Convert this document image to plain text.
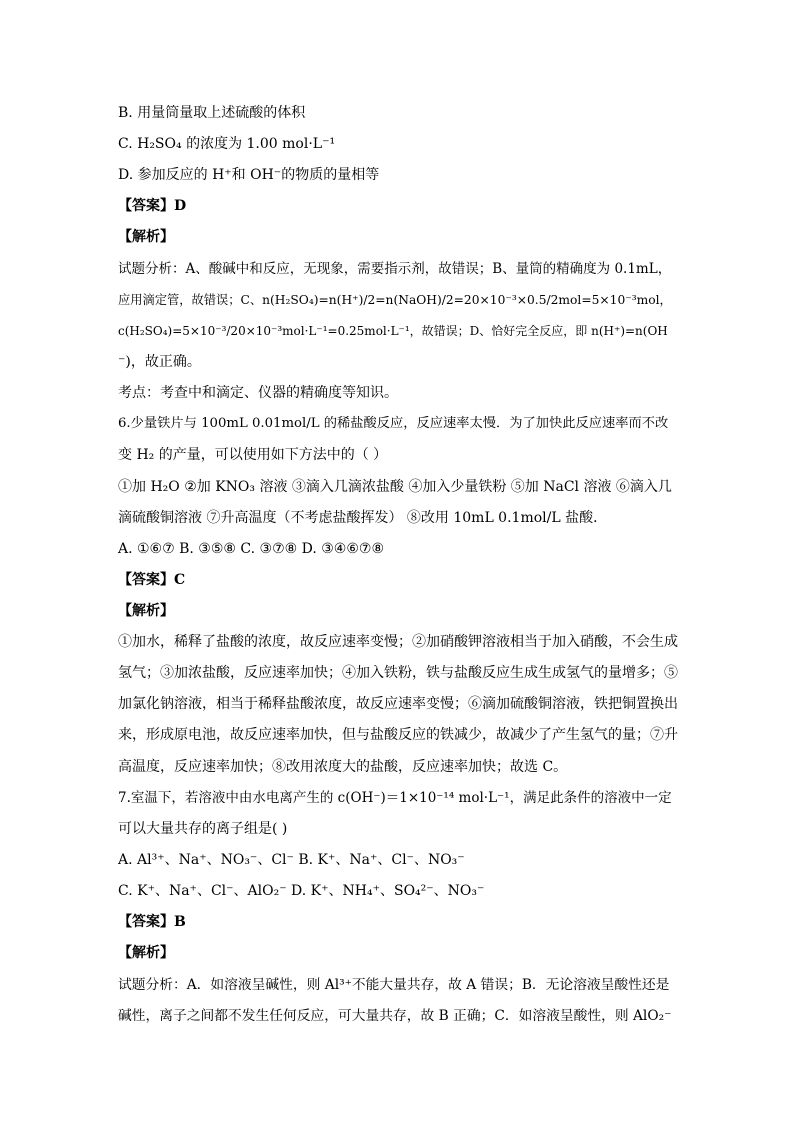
B. 用量筒量取上述硫酸的体积
C. H₂SO₄ 的浓度为 1.00 mol·L⁻¹
D. 参加反应的 H⁺和 OH⁻的物质的量相等
【答案】D
【解析】
试题分析：A、酸碱中和反应，无现象，需要指示剂，故错误；B、量筒的精确度为 0.1mL，
应用滴定管，故错误；C、n(H₂SO₄)=n(H⁺)/2=n(NaOH)/2=20×10⁻³×0.5/2mol=5×10⁻³mol，
c(H₂SO₄)=5×10⁻³/20×10⁻³mol·L⁻¹=0.25mol·L⁻¹，故错误；D、恰好完全反应，即 n(H⁺)=n(OH
⁻)，故正确。
考点：考查中和滴定、仪器的精确度等知识。
6.少量铁片与 100mL 0.01mol/L 的稀盐酸反应，反应速率太慢．为了加快此反应速率而不改
变 H₂ 的产量，可以使用如下方法中的（ ）
①加 H₂O ②加 KNO₃ 溶液 ③滴入几滴浓盐酸 ④加入少量铁粉 ⑤加 NaCl 溶液 ⑥滴入几
滴硫酸铜溶液 ⑦升高温度（不考虑盐酸挥发） ⑧改用 10mL 0.1mol/L 盐酸．
A. ①⑥⑦ B. ③⑤⑧ C. ③⑦⑧ D. ③④⑥⑦⑧
【答案】C
【解析】
①加水，稀释了盐酸的浓度，故反应速率变慢；②加硝酸钾溶液相当于加入硝酸，不会生成
氢气；③加浓盐酸，反应速率加快；④加入铁粉，铁与盐酸反应生成生成氢气的量增多；⑤
加氯化钠溶液，相当于稀释盐酸浓度，故反应速率变慢；⑥滴加硫酸铜溶液，铁把铜置换出
来，形成原电池，故反应速率加快，但与盐酸反应的铁减少，故减少了产生氢气的量；⑦升
高温度，反应速率加快；⑧改用浓度大的盐酸，反应速率加快；故选 C。
7.室温下，若溶液中由水电离产生的 c(OH⁻)＝1×10⁻¹⁴ mol·L⁻¹，满足此条件的溶液中一定
可以大量共存的离子组是( )
A. Al³⁺、Na⁺、NO₃⁻、Cl⁻ B. K⁺、Na⁺、Cl⁻、NO₃⁻
C. K⁺、Na⁺、Cl⁻、AlO₂⁻ D. K⁺、NH₄⁺、SO₄²⁻、NO₃⁻
【答案】B
【解析】
试题分析：A．如溶液呈碱性，则 Al³⁺不能大量共存，故 A 错误；B．无论溶液呈酸性还是
碱性，离子之间都不发生任何反应，可大量共存，故 B 正确；C．如溶液呈酸性，则 AlO₂⁻
